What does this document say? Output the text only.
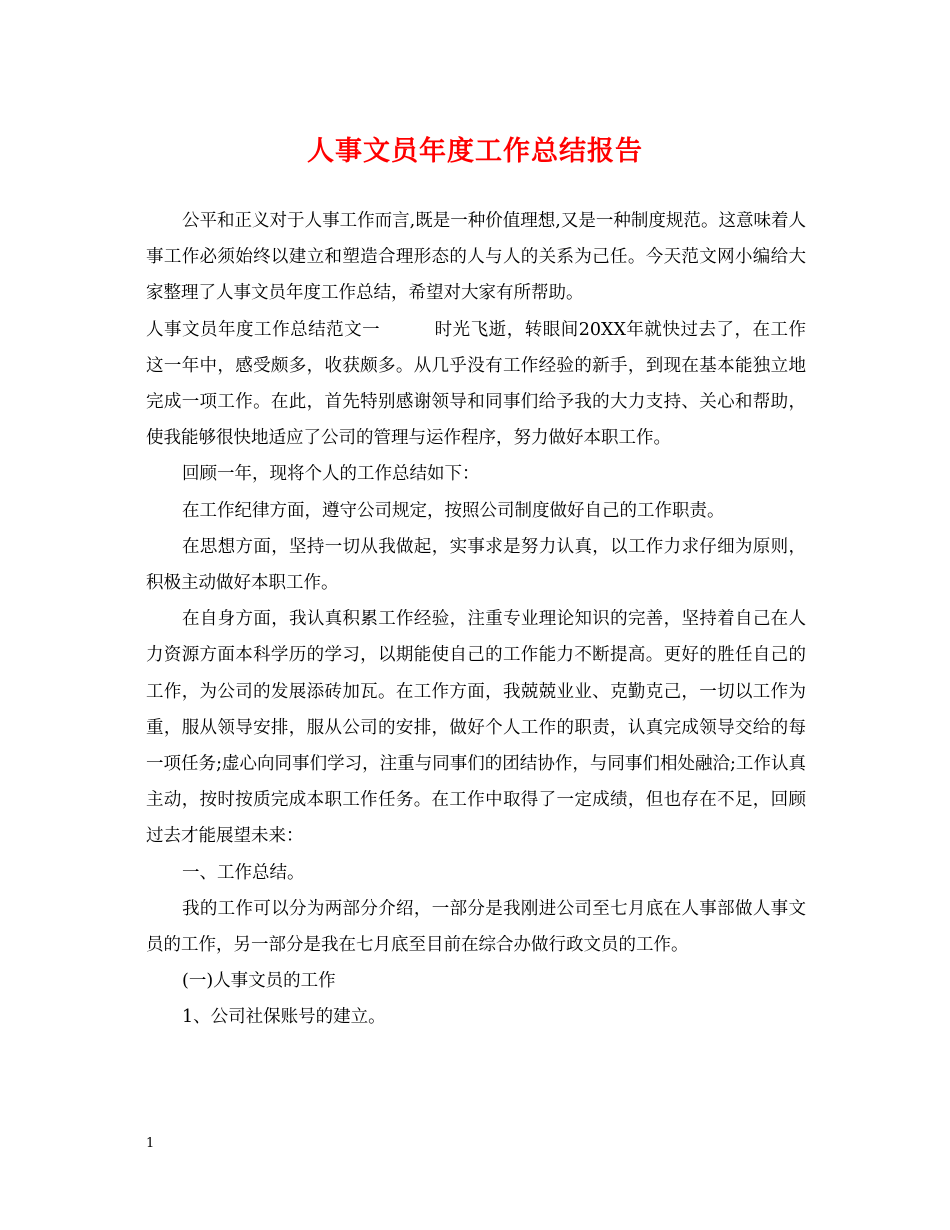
人事文员年度工作总结报告

公平和正义对于人事工作而言,既是一种价值理想,又是一种制度规范。这意味着人事工作必须始终以建立和塑造合理形态的人与人的关系为己任。今天范文网小编给大家整理了人事文员年度工作总结，希望对大家有所帮助。

人事文员年度工作总结范文一	时光飞逝，转眼间20XX年就快过去了，在工作这一年中，感受颇多，收获颇多。从几乎没有工作经验的新手，到现在基本能独立地完成一项工作。在此，首先特别感谢领导和同事们给予我的大力支持、关心和帮助，使我能够很快地适应了公司的管理与运作程序，努力做好本职工作。

回顾一年，现将个人的工作总结如下：

在工作纪律方面，遵守公司规定，按照公司制度做好自己的工作职责。

在思想方面，坚持一切从我做起，实事求是努力认真，以工作力求仔细为原则，积极主动做好本职工作。

在自身方面，我认真积累工作经验，注重专业理论知识的完善，坚持着自己在人力资源方面本科学历的学习，以期能使自己的工作能力不断提高。更好的胜任自己的工作，为公司的发展添砖加瓦。在工作方面，我兢兢业业、克勤克己，一切以工作为重，服从领导安排，服从公司的安排，做好个人工作的职责，认真完成领导交给的每一项任务;虚心向同事们学习，注重与同事们的团结协作，与同事们相处融洽;工作认真主动，按时按质完成本职工作任务。在工作中取得了一定成绩，但也存在不足，回顾过去才能展望未来：

一、工作总结。

我的工作可以分为两部分介绍，一部分是我刚进公司至七月底在人事部做人事文员的工作，另一部分是我在七月底至目前在综合办做行政文员的工作。

(一)人事文员的工作

1、公司社保账号的建立。

1
